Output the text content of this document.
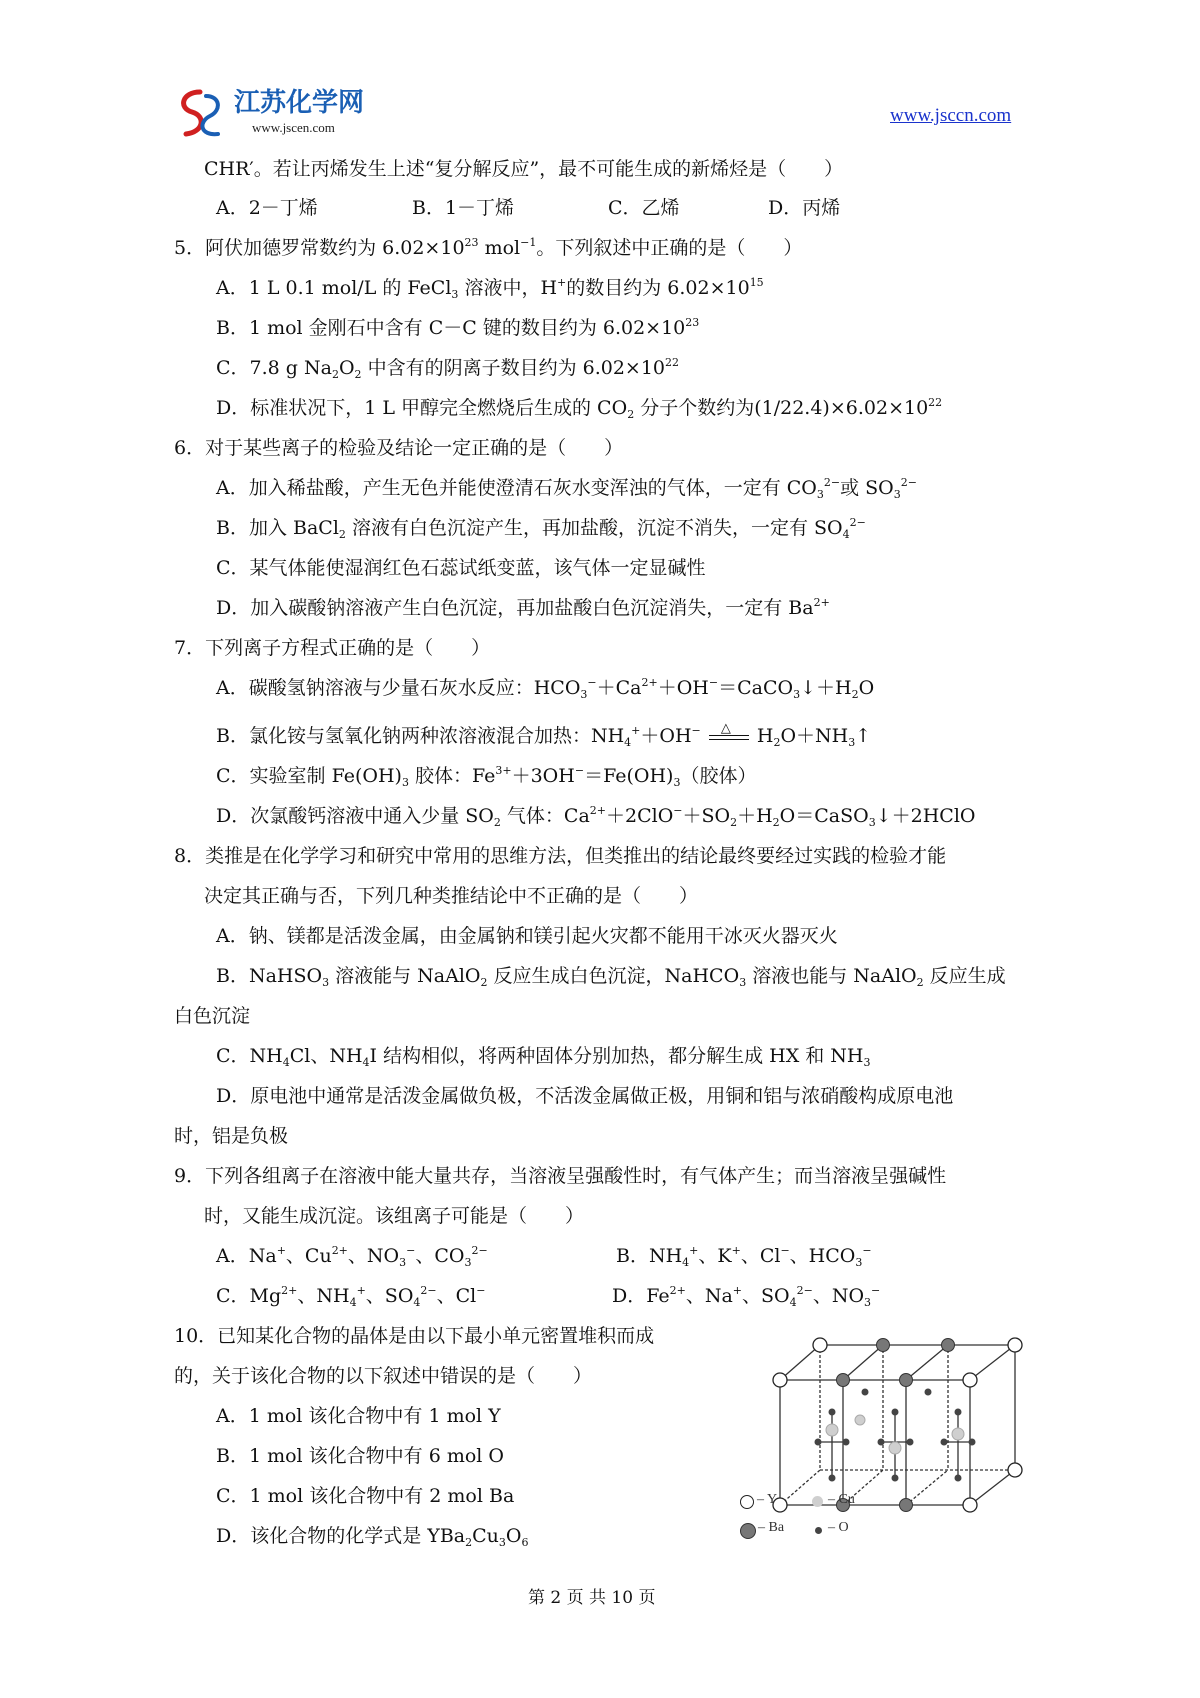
江苏化学网
www.jscen.com
www.jsccn.com
CHR′。若让丙烯发生上述“复分解反应”，最不可能生成的新烯烃是（　　）
A．2－丁烯	B．1－丁烯	C．乙烯	D．丙烯
5．阿伏加德罗常数约为 $6.02\times 10^{23}$ mol$^{-1}$。下列叙述中正确的是（　　）
A．1 L 0.1 mol/L 的 FeCl$_3$ 溶液中，H+的数目约为 $6.02\times 10^{15}$
B．1 mol 金刚石中含有 C－C 键的数目约为 $6.02\times 10^{23}$
C．7.8 g $Na_2O_2$ 中含有的阴离子数目约为 $6.02\times 10^{22}$
D．标准状况下，1 L 甲醇完全燃烧后生成的 $CO_2$ 分子个数约为$(1/22.4)\times 6.02\times 10^{22}$
6．对于某些离子的检验及结论一定正确的是（　　）
A．加入稀盐酸，产生无色并能使澄清石灰水变浑浊的气体，一定有 $CO_3^{2-}$或 $SO_3^{2-}$
B．加入 BaCl$_2$ 溶液有白色沉淀产生，再加盐酸，沉淀不消失，一定有 $SO_4^{2-}$
C．某气体能使湿润红色石蕊试纸变蓝，该气体一定显碱性
D．加入碳酸钠溶液产生白色沉淀，再加盐酸白色沉淀消失，一定有 $Ba^{2+}$
7．下列离子方程式正确的是（　　）
A．碳酸氢钠溶液与少量石灰水反应：$HCO_3^-+Ca^{2+}+OH^-=CaCO_3↓+H_2O$
B．氯化铵与氢氧化钠两种浓溶液混合加热：$NH_4^++OH^-$ △ $H_2O+NH_3↑$
C．实验室制 $Fe(OH)_3$ 胶体：$Fe^{3+}+3OH^-=Fe(OH)_3$（胶体）
D．次氯酸钙溶液中通入少量 $SO_2$ 气体：$Ca^{2+}+2ClO^-+SO_2+H_2O=CaSO_3↓+2HClO$
8．类推是在化学学习和研究中常用的思维方法，但类推出的结论最终要经过实践的检验才能
决定其正确与否，下列几种类推结论中不正确的是（　　）
A．钠、镁都是活泼金属，由金属钠和镁引起火灾都不能用干冰灭火器灭火
B．NaHSO$_3$ 溶液能与 NaAlO$_2$ 反应生成白色沉淀，NaHCO$_3$ 溶液也能与 NaAlO$_2$ 反应生成
白色沉淀
C．$NH_4Cl$、$NH_4I$ 结构相似，将两种固体分别加热，都分解生成 HX 和 $NH_3$
D．原电池中通常是活泼金属做负极，不活泼金属做正极，用铜和铝与浓硝酸构成原电池
时，铝是负极
9．下列各组离子在溶液中能大量共存，当溶液呈强酸性时，有气体产生；而当溶液呈强碱性
时，又能生成沉淀。该组离子可能是（　　）
A．Na+、$Cu^{2+}$、$NO_3^-$、$CO_3^{2-}$	B．$NH_4^+$、K+、Cl−、$HCO_3^-$
C．$Mg^{2+}$、$NH_4^+$、$SO_4^{2-}$、Cl−	D．$Fe^{2+}$、Na+、$SO_4^{2-}$、$NO_3^-$
10．已知某化合物的晶体是由以下最小单元密置堆积而成
的，关于该化合物的以下叙述中错误的是（　　）
A．1 mol 该化合物中有 1 mol Y
B．1 mol 该化合物中有 6 mol O
C．1 mol 该化合物中有 2 mol Ba
D．该化合物的化学式是 $YBa_2Cu_3O_6$
– Y	– Cu
– Ba	– O
第 2 页 共 10 页
